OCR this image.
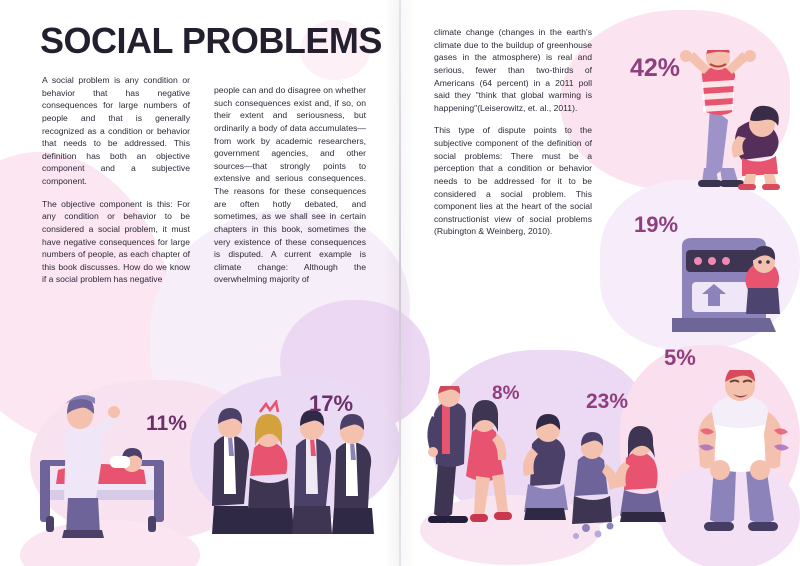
SOCIAL PROBLEMS

A social problem is any condition or behavior that has negative consequences for large numbers of people and that is generally recognized as a condition or behavior that needs to be addressed. This definition has both an objective component and a subjective component.

The objective component is this: For any condition or behavior to be considered a social problem, it must have negative consequences for large numbers of people, as each chapter of this book discusses. How do we know if a social problem has negative

people can and do disagree on whether such consequences exist and, if so, on their extent and seriousness, but ordinarily a body of data accumulates—from work by academic researchers, government agencies, and other sources—that strongly points to extensive and serious consequences. The reasons for these consequences are often hotly debated, and sometimes, as we shall see in certain chapters in this book, sometimes the very existence of these consequences is disputed. A current example is climate change: Although the overwhelming majority of

climate change (changes in the earth's climate due to the buildup of greenhouse gases in the atmosphere) is real and serious, fewer than two-thirds of Americans (64 percent) in a 2011 poll said they "think that global warming is happening"(Leiserowitz, et. al., 2011).

This type of dispute points to the subjective component of the definition of social problems: There must be a perception that a condition or behavior needs to be addressed for it to be considered a social problem. This component lies at the heart of the social constructionist view of social problems (Rubington & Weinberg, 2010).

42%
19%
5%
8%	23%
17%
11%
